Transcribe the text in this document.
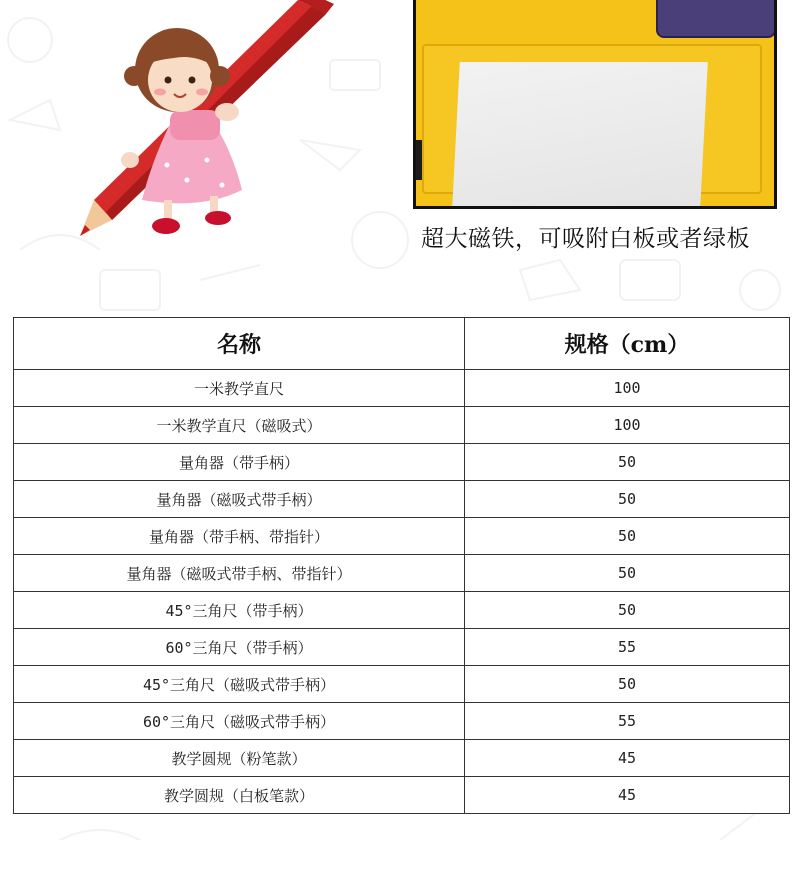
超大磁铁，可吸附白板或者绿板
名称	规格（cm）
一米教学直尺	100
一米教学直尺（磁吸式）	100
量角器（带手柄）	50
量角器（磁吸式带手柄）	50
量角器（带手柄、带指针）	50
量角器（磁吸式带手柄、带指针）	50
45°三角尺（带手柄）	50
60°三角尺（带手柄）	55
45°三角尺（磁吸式带手柄）	50
60°三角尺（磁吸式带手柄）	55
教学圆规（粉笔款）	45
教学圆规（白板笔款）	45
